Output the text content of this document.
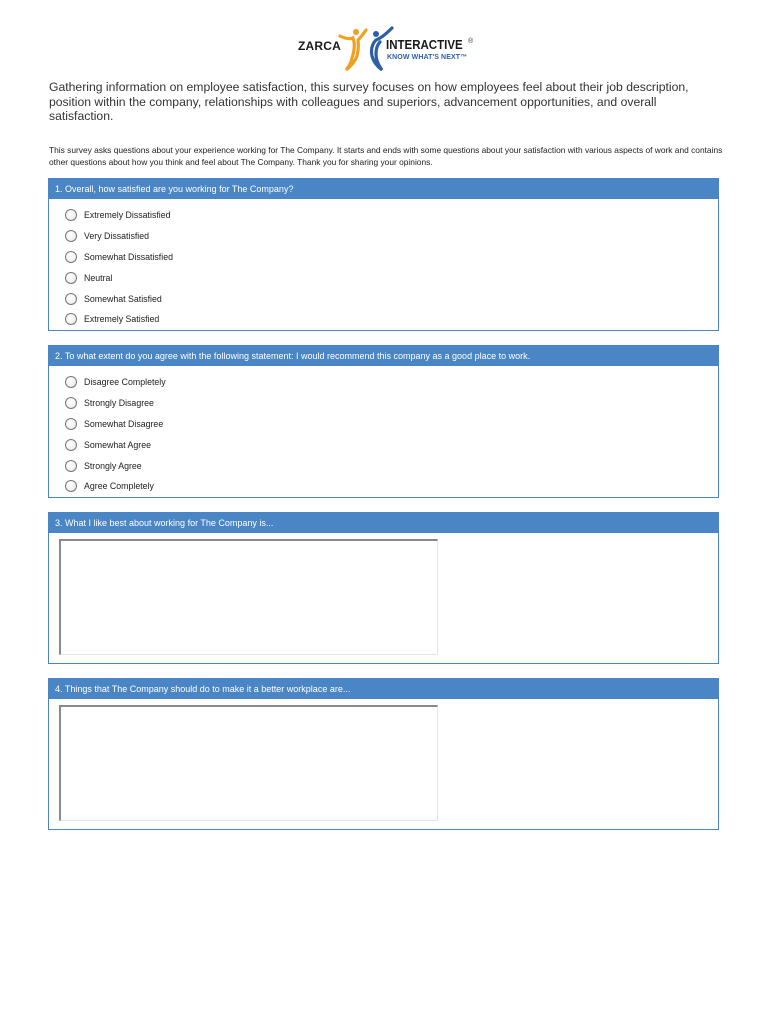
ZARCA	INTERACTIVE ®
KNOW WHAT'S NEXT™

Gathering information on employee satisfaction, this survey focuses on how employees feel about their job description, position within the company, relationships with colleagues and superiors, advancement opportunities, and overall satisfaction.

This survey asks questions about your experience working for The Company. It starts and ends with some questions about your satisfaction with various aspects of work and contains other questions about how you think and feel about The Company. Thank you for sharing your opinions.

1. Overall, how satisfied are you working for The Company?
Extremely Dissatisfied
Very Dissatisfied
Somewhat Dissatisfied
Neutral
Somewhat Satisfied
Extremely Satisfied
2. To what extent do you agree with the following statement: I would recommend this company as a good place to work.
Disagree Completely
Strongly Disagree
Somewhat Disagree
Somewhat Agree
Strongly Agree
Agree Completely
3. What I like best about working for The Company is...
4. Things that The Company should do to make it a better workplace are...
